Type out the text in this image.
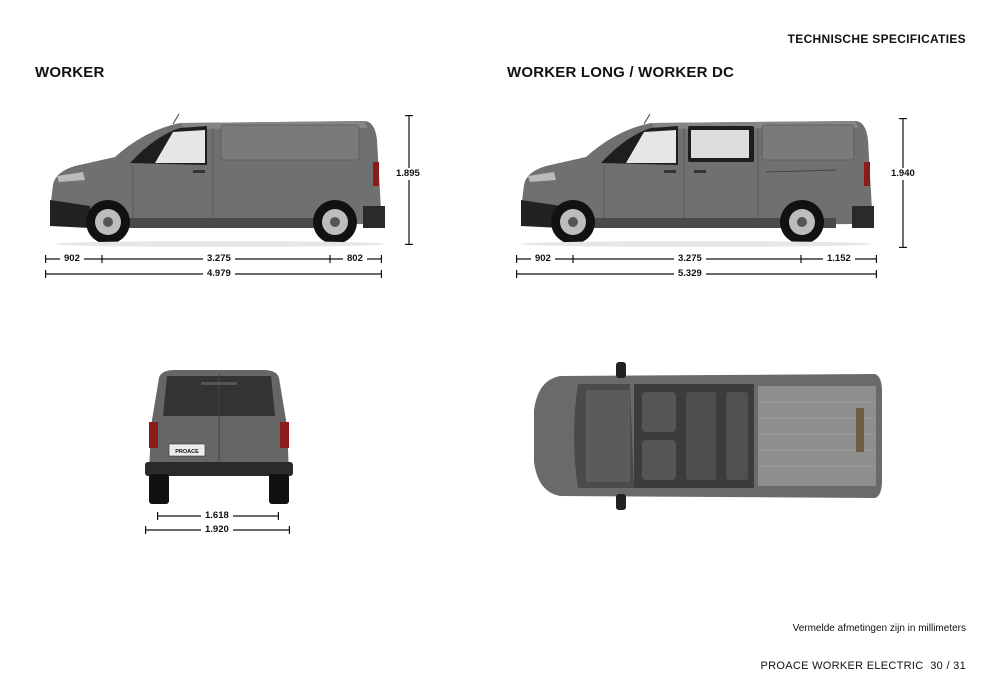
TECHNISCHE SPECIFICATIES
WORKER	WORKER LONG / WORKER DC
1.895
902	3.275	802
4.979
1.940
902	3.275	1.152
5.329
PROACE
1.618
1.920
Vermelde afmetingen zijn in millimeters
PROACE WORKER ELECTRIC 30 / 31
